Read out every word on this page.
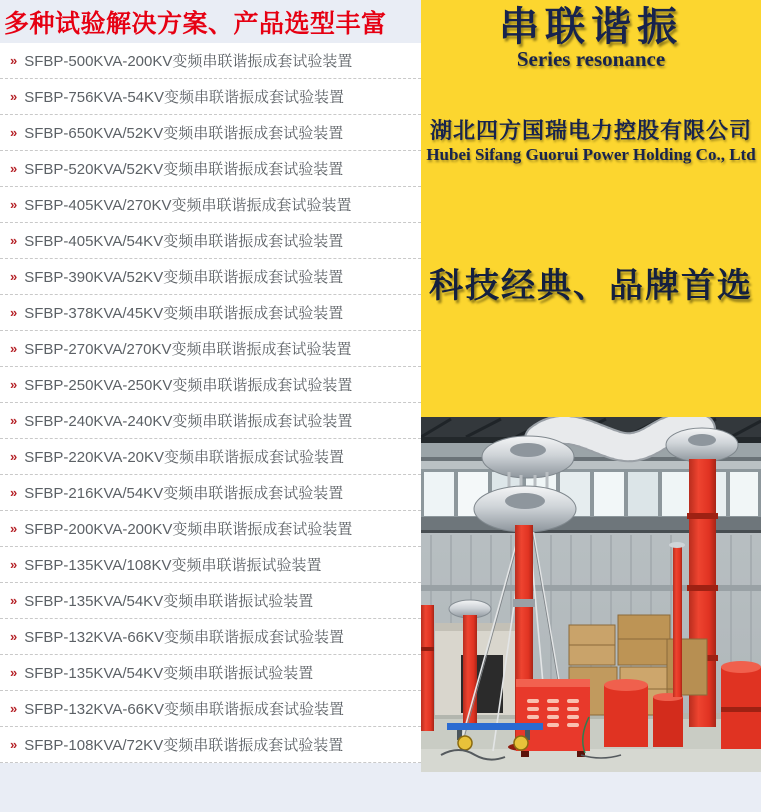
多种试验解决方案、产品选型丰富
» SFBP-500KVA-200KV变频串联谐振成套试验装置
» SFBP-756KVA-54KV变频串联谐振成套试验装置
» SFBP-650KVA/52KV变频串联谐振成套试验装置
» SFBP-520KVA/52KV变频串联谐振成套试验装置
» SFBP-405KVA/270KV变频串联谐振成套试验装置
» SFBP-405KVA/54KV变频串联谐振成套试验装置
» SFBP-390KVA/52KV变频串联谐振成套试验装置
» SFBP-378KVA/45KV变频串联谐振成套试验装置
» SFBP-270KVA/270KV变频串联谐振成套试验装置
» SFBP-250KVA-250KV变频串联谐振成套试验装置
» SFBP-240KVA-240KV变频串联谐振成套试验装置
» SFBP-220KVA-20KV变频串联谐振成套试验装置
» SFBP-216KVA/54KV变频串联谐振成套试验装置
» SFBP-200KVA-200KV变频串联谐振成套试验装置
» SFBP-135KVA/108KV变频串联谐振试验装置
» SFBP-135KVA/54KV变频串联谐振试验装置
» SFBP-132KVA-66KV变频串联谐振成套试验装置
» SFBP-135KVA/54KV变频串联谐振试验装置
» SFBP-132KVA-66KV变频串联谐振成套试验装置
» SFBP-108KVA/72KV变频串联谐振成套试验装置
串联谐振
Series resonance
湖北四方国瑞电力控股有限公司
Hubei Sifang Guorui Power Holding Co., Ltd
科技经典、品牌首选
